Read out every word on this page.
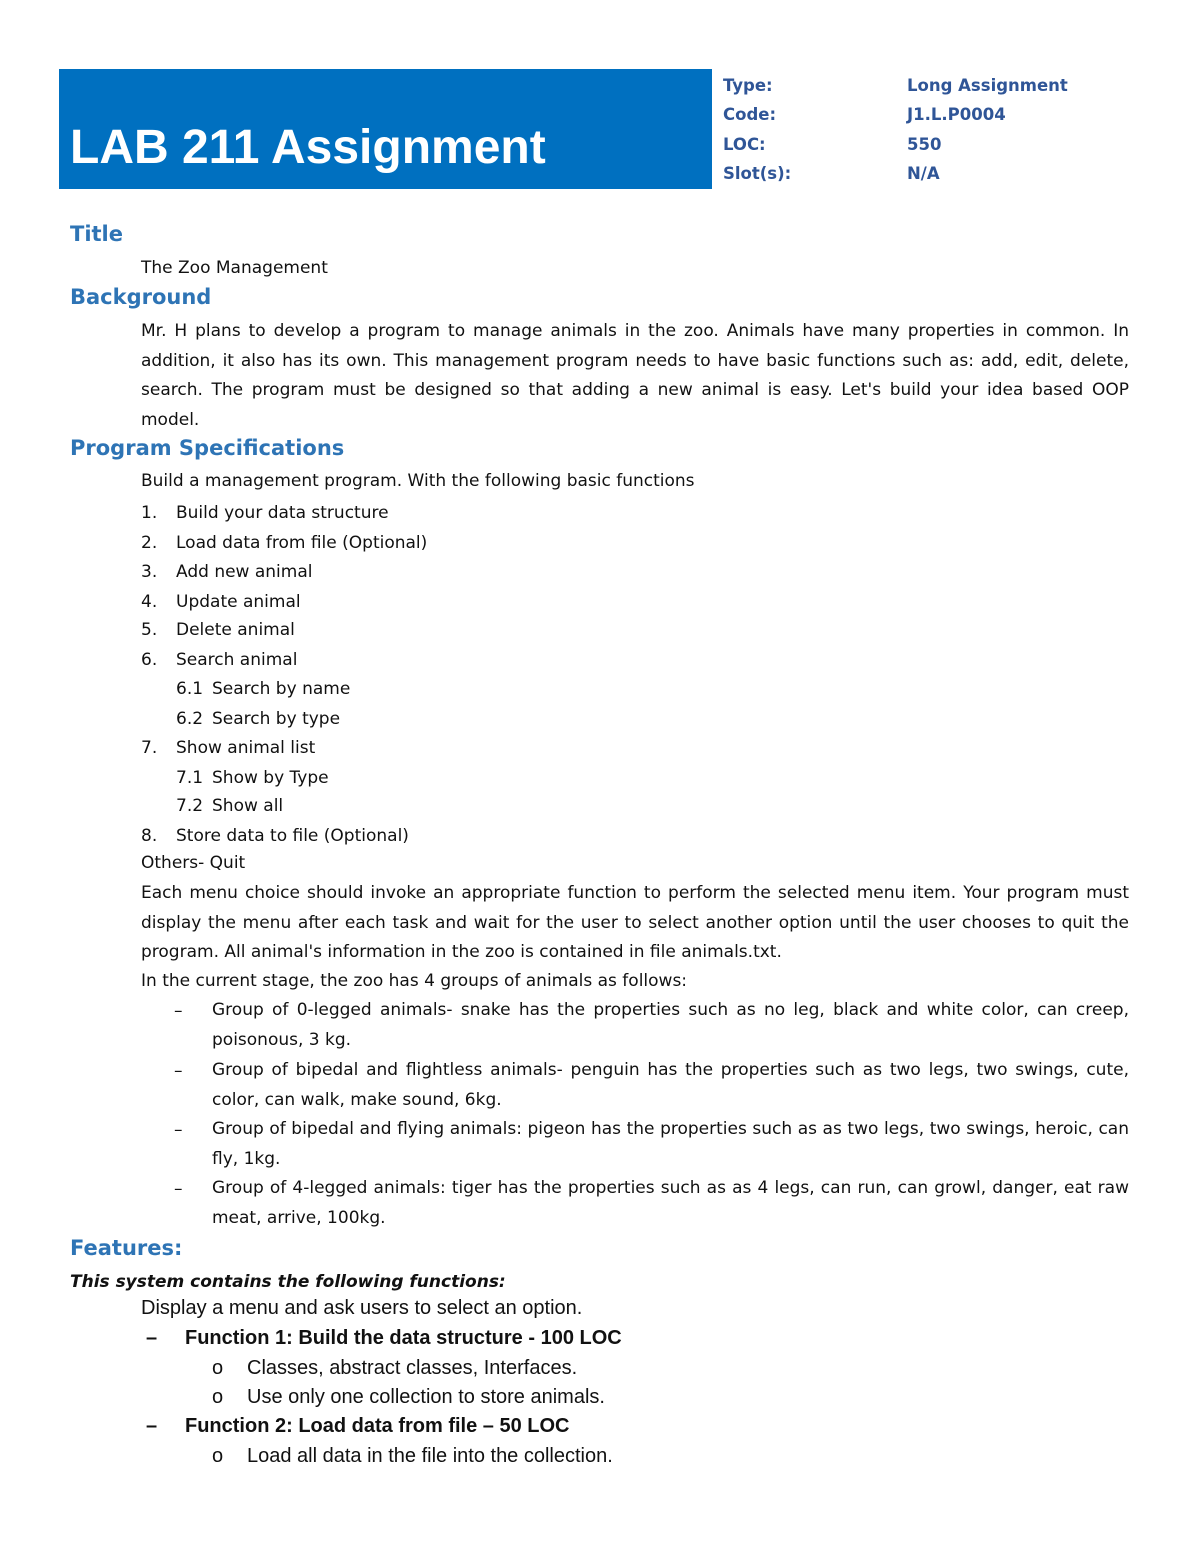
LAB 211 Assignment
Type:	Long Assignment
Code:	J1.L.P0004
LOC:	550
Slot(s):	N/A
Title
The Zoo Management
Background
Mr. H plans to develop a program to manage animals in the zoo. Animals have many properties in common. In addition, it also has its own. This management program needs to have basic functions such as: add, edit, delete, search. The program must be designed so that adding a new animal is easy. Let's build your idea based OOP model.
Program Specifications
Build a management program. With the following basic functions
1. Build your data structure
2. Load data from file (Optional)
3. Add new animal
4. Update animal
5. Delete animal
6. Search animal
6.1 Search by name
6.2 Search by type
7. Show animal list
7.1 Show by Type
7.2 Show all
8. Store data to file (Optional)
Others- Quit
Each menu choice should invoke an appropriate function to perform the selected menu item. Your program must display the menu after each task and wait for the user to select another option until the user chooses to quit the program. All animal's information in the zoo is contained in file animals.txt.
In the current stage, the zoo has 4 groups of animals as follows:
– Group of 0-legged animals- snake has the properties such as no leg, black and white color, can creep, poisonous, 3 kg.
– Group of bipedal and flightless animals- penguin has the properties such as two legs, two swings, cute, color, can walk, make sound, 6kg.
– Group of bipedal and flying animals: pigeon has the properties such as as two legs, two swings, heroic, can fly, 1kg.
– Group of 4-legged animals: tiger has the properties such as as 4 legs, can run, can growl, danger, eat raw meat, arrive, 100kg.
Features:
This system contains the following functions:
Display a menu and ask users to select an option.
– Function 1: Build the data structure - 100 LOC
o Classes, abstract classes, Interfaces.
o Use only one collection to store animals.
– Function 2: Load data from file – 50 LOC
o Load all data in the file into the collection.
